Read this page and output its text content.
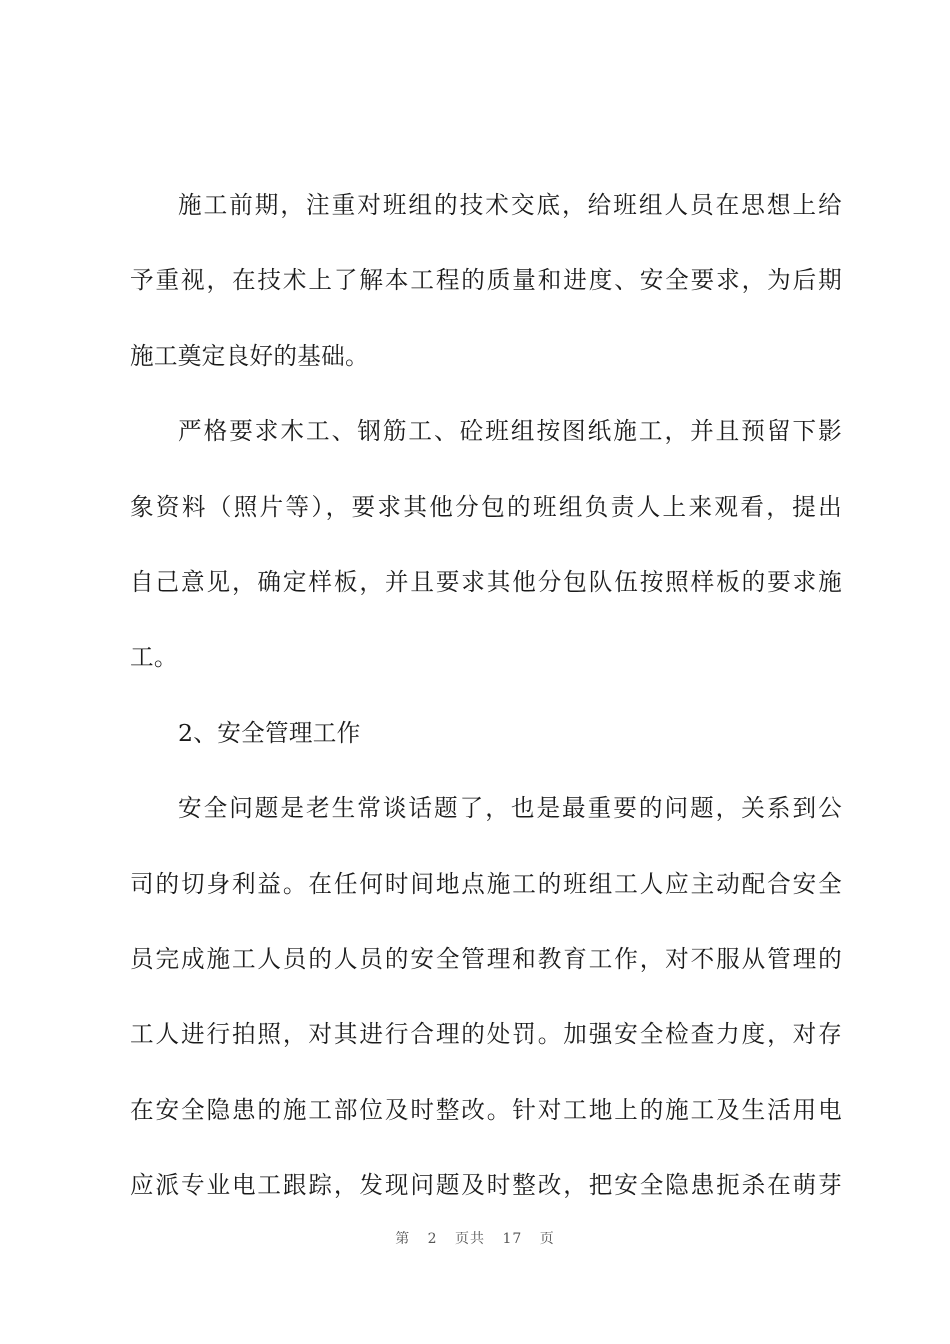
施工前期，注重对班组的技术交底，给班组人员在思想上给
予重视，在技术上了解本工程的质量和进度、安全要求，为后期
施工奠定良好的基础。

严格要求木工、钢筋工、砼班组按图纸施工，并且预留下影
象资料（照片等），要求其他分包的班组负责人上来观看，提出
自己意见，确定样板，并且要求其他分包队伍按照样板的要求施
工。

2、安全管理工作

安全问题是老生常谈话题了，也是最重要的问题，关系到公
司的切身利益。在任何时间地点施工的班组工人应主动配合安全
员完成施工人员的人员的安全管理和教育工作，对不服从管理的
工人进行拍照，对其进行合理的处罚。加强安全检查力度，对存
在安全隐患的施工部位及时整改。针对工地上的施工及生活用电
应派专业电工跟踪，发现问题及时整改，把安全隐患扼杀在萌芽

第 2 页共 17 页
